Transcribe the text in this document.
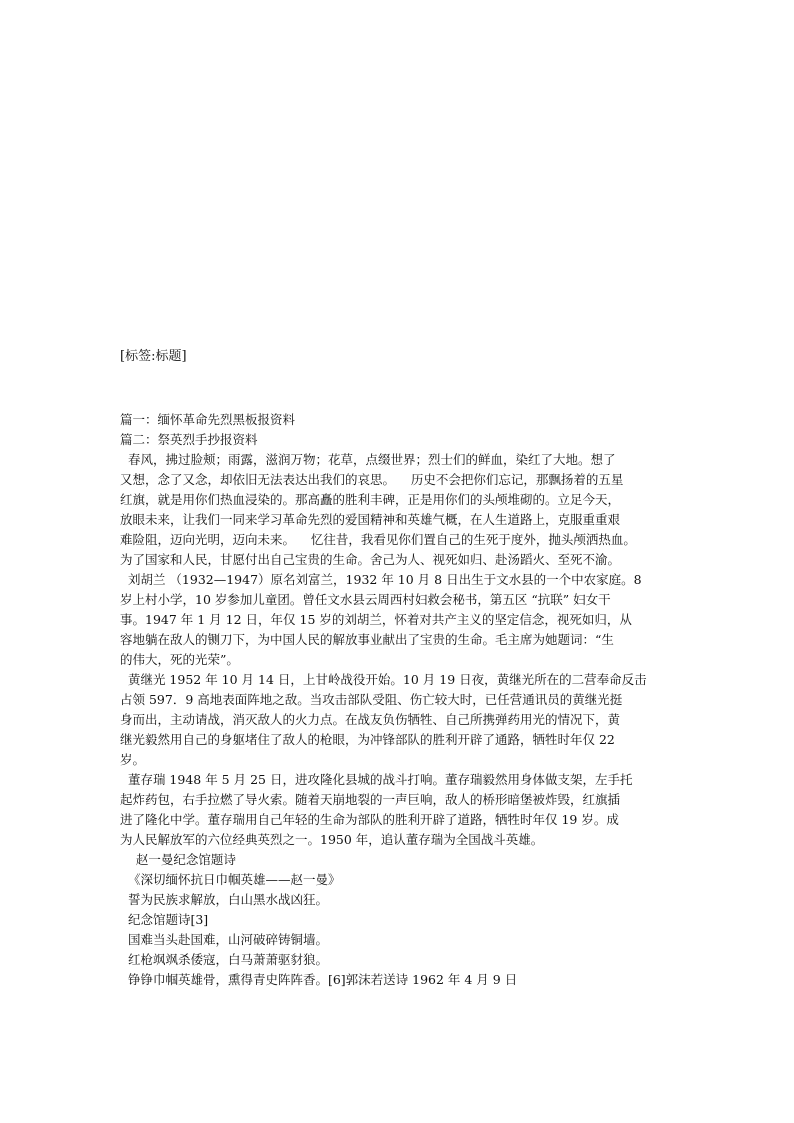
[标签:标题]
篇一：缅怀革命先烈黑板报资料
篇二：祭英烈手抄报资料
春风，拂过脸颊；雨露，滋润万物；花草，点缀世界；烈士们的鲜血，染红了大地。想了
又想，念了又念，却依旧无法表达出我们的哀思。    历史不会把你们忘记，那飘扬着的五星
红旗，就是用你们热血浸染的。那高矗的胜利丰碑，正是用你们的头颅堆砌的。立足今天，
放眼未来，让我们一同来学习革命先烈的爱国精神和英雄气概，在人生道路上，克服重重艰
难险阻，迈向光明，迈向未来。    忆往昔，我看见你们置自己的生死于度外，抛头颅洒热血。
为了国家和人民，甘愿付出自己宝贵的生命。舍己为人、视死如归、赴汤蹈火、至死不渝。
刘胡兰 （1932—1947）原名刘富兰，1932 年 10 月 8 日出生于文水县的一个中农家庭。8
岁上村小学，10 岁参加儿童团。曾任文水县云周西村妇救会秘书，第五区 “抗联” 妇女干
事。1947 年 1 月 12 日，年仅 15 岁的刘胡兰，怀着对共产主义的坚定信念，视死如归，从
容地躺在敌人的铡刀下，为中国人民的解放事业献出了宝贵的生命。毛主席为她题词：“生
的伟大，死的光荣”。
黄继光 1952 年 10 月 14 日，上甘岭战役开始。10 月 19 日夜，黄继光所在的二营奉命反击
占领 597．9 高地表面阵地之敌。当攻击部队受阻、伤亡较大时，已任营通讯员的黄继光挺
身而出，主动请战，消灭敌人的火力点。在战友负伤牺牲、自己所携弹药用光的情况下，黄
继光毅然用自己的身躯堵住了敌人的枪眼，为冲锋部队的胜利开辟了通路，牺牲时年仅 22
岁。
董存瑞 1948 年 5 月 25 日，进攻隆化县城的战斗打响。董存瑞毅然用身体做支架，左手托
起炸药包，右手拉燃了导火索。随着天崩地裂的一声巨响，敌人的桥形暗堡被炸毁，红旗插
进了隆化中学。董存瑞用自己年轻的生命为部队的胜利开辟了道路，牺牲时年仅 19 岁。成
为人民解放军的六位经典英烈之一。1950 年，追认董存瑞为全国战斗英雄。
赵一曼纪念馆题诗
《深切缅怀抗日巾帼英雄——赵一曼》
誓为民族求解放，白山黑水战凶狂。
纪念馆题诗[3]
国难当头赴国难，山河破碎铸铜墙。
红枪飒飒杀倭寇，白马萧萧驱豺狼。
铮铮巾帼英雄骨，熏得青史阵阵香。[6]郭沫若送诗 1962 年 4 月 9 日
